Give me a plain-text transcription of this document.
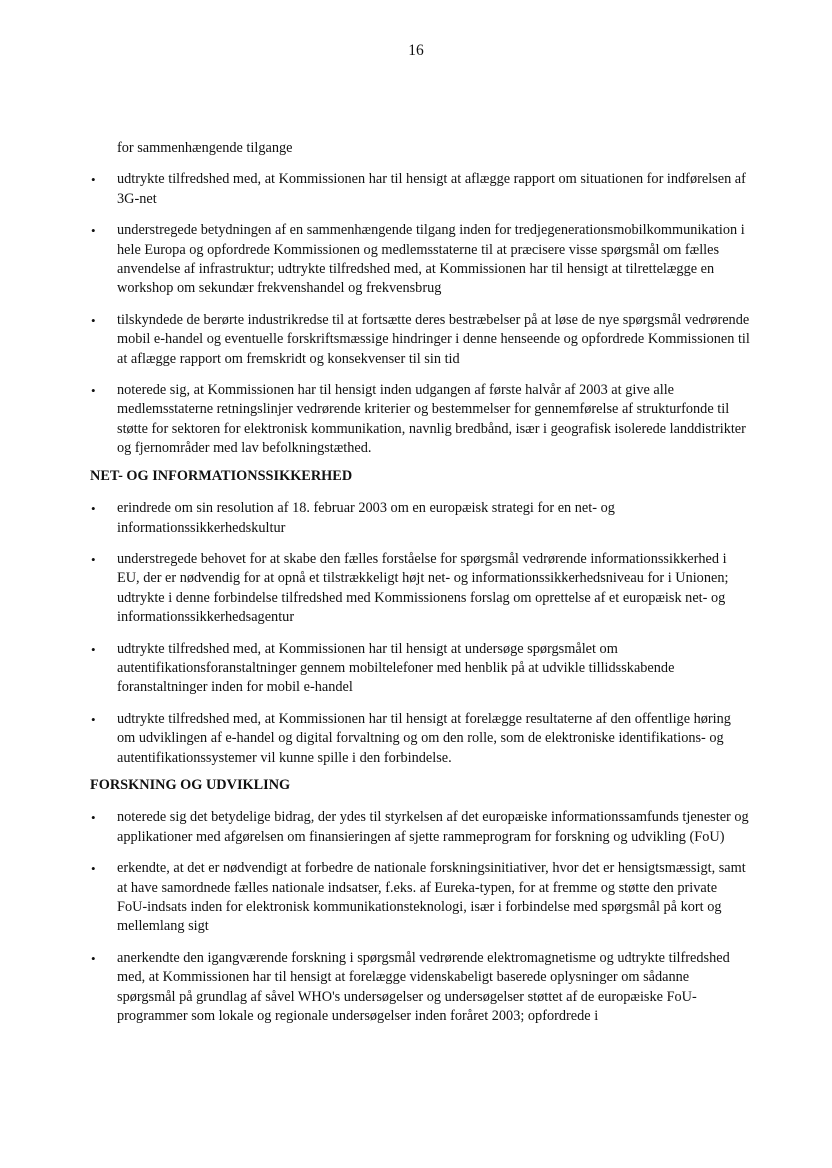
16

for sammenhængende tilgange

• udtrykte tilfredshed med, at Kommissionen har til hensigt at aflægge rapport om situationen for indførelsen af 3G-net
• understregede betydningen af en sammenhængende tilgang inden for tredjegenerationsmobilkommunikation i hele Europa og opfordrede Kommissionen og medlemsstaterne til at præcisere visse spørgsmål om fælles anvendelse af infrastruktur; udtrykte tilfredshed med, at Kommissionen har til hensigt at tilrettelægge en workshop om sekundær frekvenshandel og frekvensbrug
• tilskyndede de berørte industrikredse til at fortsætte deres bestræbelser på at løse de nye spørgsmål vedrørende mobil e-handel og eventuelle forskriftsmæssige hindringer i denne henseende og opfordrede Kommissionen til at aflægge rapport om fremskridt og konsekvenser til sin tid
• noterede sig, at Kommissionen har til hensigt inden udgangen af første halvår af 2003 at give alle medlemsstaterne retningslinjer vedrørende kriterier og bestemmelser for gennemførelse af strukturfonde til støtte for sektoren for elektronisk kommunikation, navnlig bredbånd, især i geografisk isolerede landdistrikter og fjernområder med lav befolkningstæthed.
NET- OG INFORMATIONSSIKKERHED
• erindrede om sin resolution af 18. februar 2003 om en europæisk strategi for en net- og informationssikkerhedskultur
• understregede behovet for at skabe den fælles forståelse for spørgsmål vedrørende informationssikkerhed i EU, der er nødvendig for at opnå et tilstrækkeligt højt net- og informationssikkerhedsniveau for i Unionen; udtrykte i denne forbindelse tilfredshed med Kommissionens forslag om oprettelse af et europæisk net- og informationssikkerhedsagentur
• udtrykte tilfredshed med, at Kommissionen har til hensigt at undersøge spørgsmålet om autentifikationsforanstaltninger gennem mobiltelefoner med henblik på at udvikle tillidsskabende foranstaltninger inden for mobil e-handel
• udtrykte tilfredshed med, at Kommissionen har til hensigt at forelægge resultaterne af den offentlige høring om udviklingen af e-handel og digital forvaltning og om den rolle, som de elektroniske identifikations- og autentifikationssystemer vil kunne spille i den forbindelse.
FORSKNING OG UDVIKLING
• noterede sig det betydelige bidrag, der ydes til styrkelsen af det europæiske informationssamfunds tjenester og applikationer med afgørelsen om finansieringen af sjette rammeprogram for forskning og udvikling (FoU)
• erkendte, at det er nødvendigt at forbedre de nationale forskningsinitiativer, hvor det er hensigtsmæssigt, samt at have samordnede fælles nationale indsatser, f.eks. af Eureka-typen, for at fremme og støtte den private FoU-indsats inden for elektronisk kommunikationsteknologi, især i forbindelse med spørgsmål på kort og mellemlang sigt
• anerkendte den igangværende forskning i spørgsmål vedrørende elektromagnetisme og udtrykte tilfredshed med, at Kommissionen har til hensigt at forelægge videnskabeligt baserede oplysninger om sådanne spørgsmål på grundlag af såvel WHO's undersøgelser og undersøgelser støttet af de europæiske FoU-programmer som lokale og regionale undersøgelser inden foråret 2003; opfordrede i
